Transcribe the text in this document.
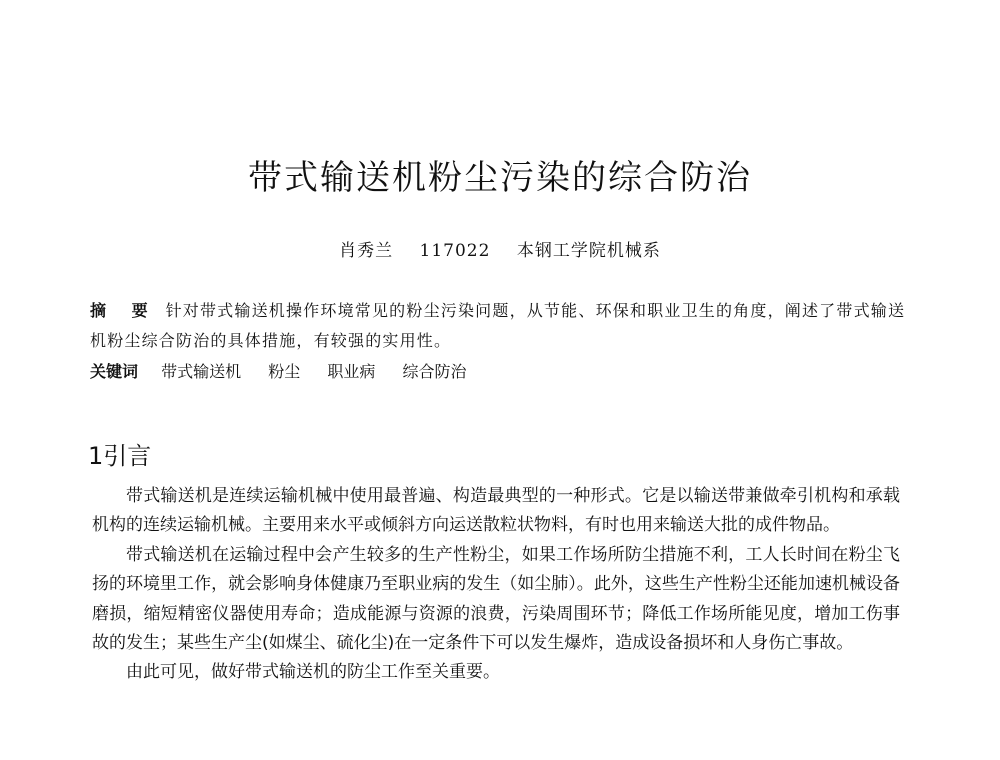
带式输送机粉尘污染的综合防治
肖秀兰 117022 本钢工学院机械系
摘 要 针对带式输送机操作环境常见的粉尘污染问题，从节能、环保和职业卫生的角度，阐述了带式输送机粉尘综合防治的具体措施，有较强的实用性。
关键词 带式输送机 粉尘 职业病 综合防治
1引言

带式输送机是连续运输机械中使用最普遍、构造最典型的一种形式。它是以输送带兼做牵引机构和承载机构的连续运输机械。主要用来水平或倾斜方向运送散粒状物料，有时也用来输送大批的成件物品。

带式输送机在运输过程中会产生较多的生产性粉尘，如果工作场所防尘措施不利，工人长时间在粉尘飞扬的环境里工作，就会影响身体健康乃至职业病的发生（如尘肺）。此外，这些生产性粉尘还能加速机械设备磨损，缩短精密仪器使用寿命；造成能源与资源的浪费，污染周围环节；降低工作场所能见度，增加工伤事故的发生；某些生产尘(如煤尘、硫化尘)在一定条件下可以发生爆炸，造成设备损坏和人身伤亡事故。

由此可见，做好带式输送机的防尘工作至关重要。
